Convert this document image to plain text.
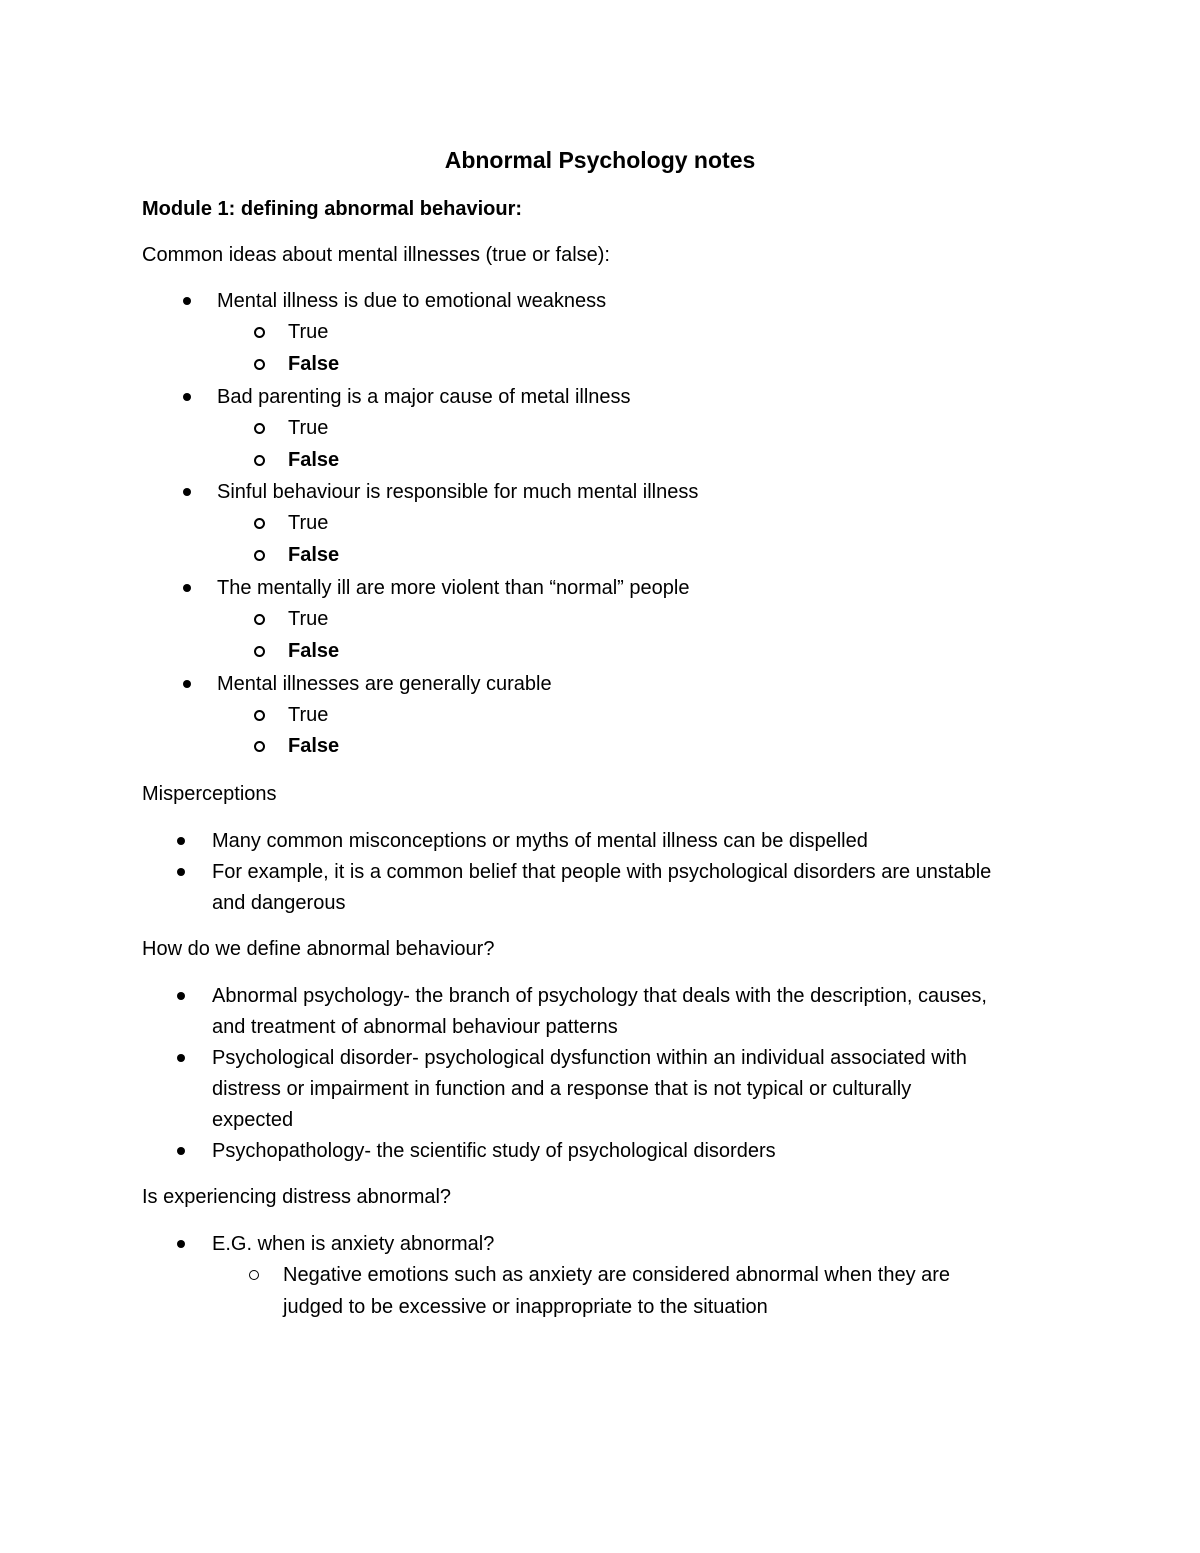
Abnormal Psychology notes
Module 1: defining abnormal behaviour:
Common ideas about mental illnesses (true or false):
Mental illness is due to emotional weakness
True
False
Bad parenting is a major cause of metal illness
True
False
Sinful behaviour is responsible for much mental illness
True
False
The mentally ill are more violent than “normal” people
True
False
Mental illnesses are generally curable
True
False
Misperceptions
Many common misconceptions or myths of mental illness can be dispelled
For example, it is a common belief that people with psychological disorders are unstable
and dangerous
How do we define abnormal behaviour?
Abnormal psychology- the branch of psychology that deals with the description, causes,
and treatment of abnormal behaviour patterns
Psychological disorder- psychological dysfunction within an individual associated with
distress or impairment in function and a response that is not typical or culturally
expected
Psychopathology- the scientific study of psychological disorders
Is experiencing distress abnormal?
E.G. when is anxiety abnormal?
Negative emotions such as anxiety are considered abnormal when they are
judged to be excessive or inappropriate to the situation
